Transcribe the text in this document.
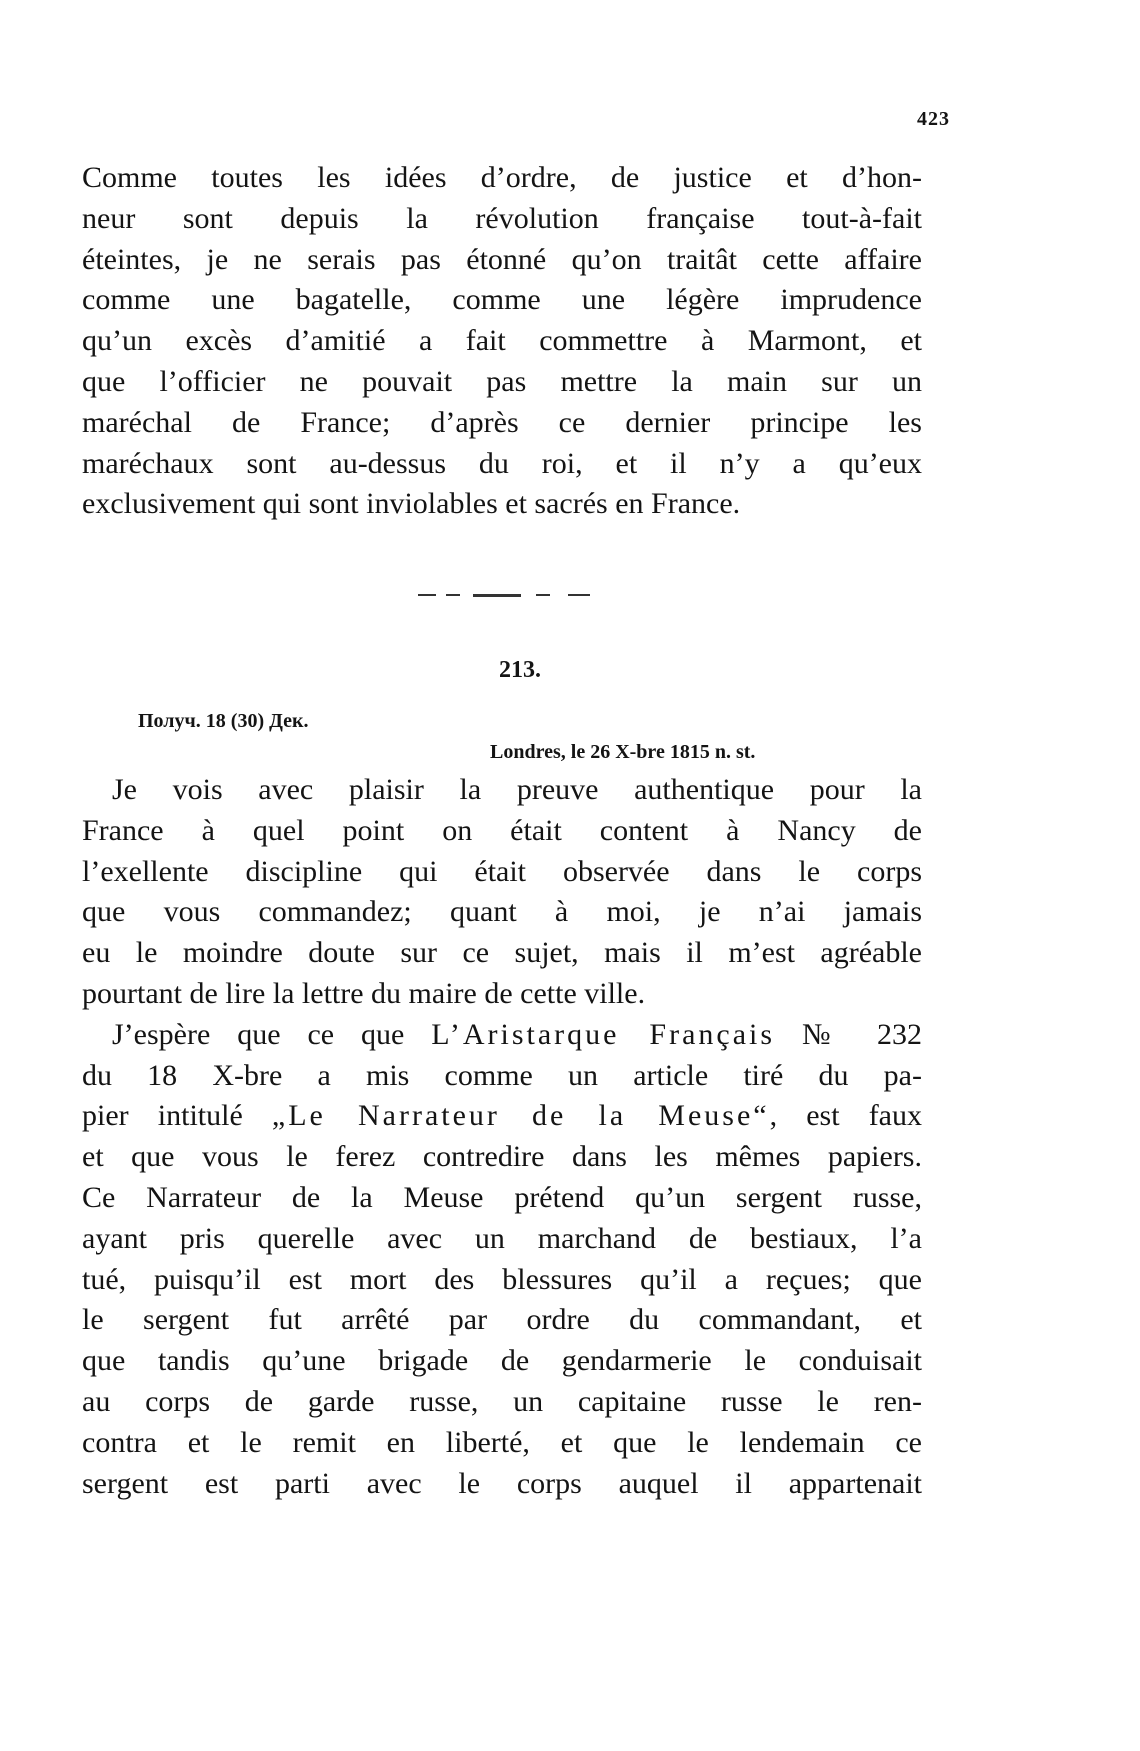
423
Comme toutes les idées d’ordre, de justice et d’hon-
neur sont depuis la révolution française tout-à-fait
éteintes, je ne serais pas étonné qu’on traitât cette affaire
comme une bagatelle, comme une légère imprudence
qu’un excès d’amitié a fait commettre à Marmont, et
que l’officier ne pouvait pas mettre la main sur un
maréchal de France; d’après ce dernier principe les
maréchaux sont au-dessus du roi, et il n’y a qu’eux
exclusivement qui sont inviolables et sacrés en France.
213.
Получ. 18 (30) Дек.
Londres, le 26 X-bre 1815 n. st.
Je vois avec plaisir la preuve authentique pour la
France à quel point on était content à Nancy de
l’exellente discipline qui était observée dans le corps
que vous commandez; quant à moi, je n’ai jamais
eu le moindre doute sur ce sujet, mais il m’est agréable
pourtant de lire la lettre du maire de cette ville.
J’espère que ce que L’Aristarque Français № 232
du 18 X-bre a mis comme un article tiré du pa-
pier intitulé „Le Narrateur de la Meuse“, est faux
et que vous le ferez contredire dans les mêmes papiers.
Ce Narrateur de la Meuse prétend qu’un sergent russe,
ayant pris querelle avec un marchand de bestiaux, l’a
tué, puisqu’il est mort des blessures qu’il a reçues; que
le sergent fut arrêté par ordre du commandant, et
que tandis qu’une brigade de gendarmerie le conduisait
au corps de garde russe, un capitaine russe le ren-
contra et le remit en liberté, et que le lendemain ce
sergent est parti avec le corps auquel il appartenait
